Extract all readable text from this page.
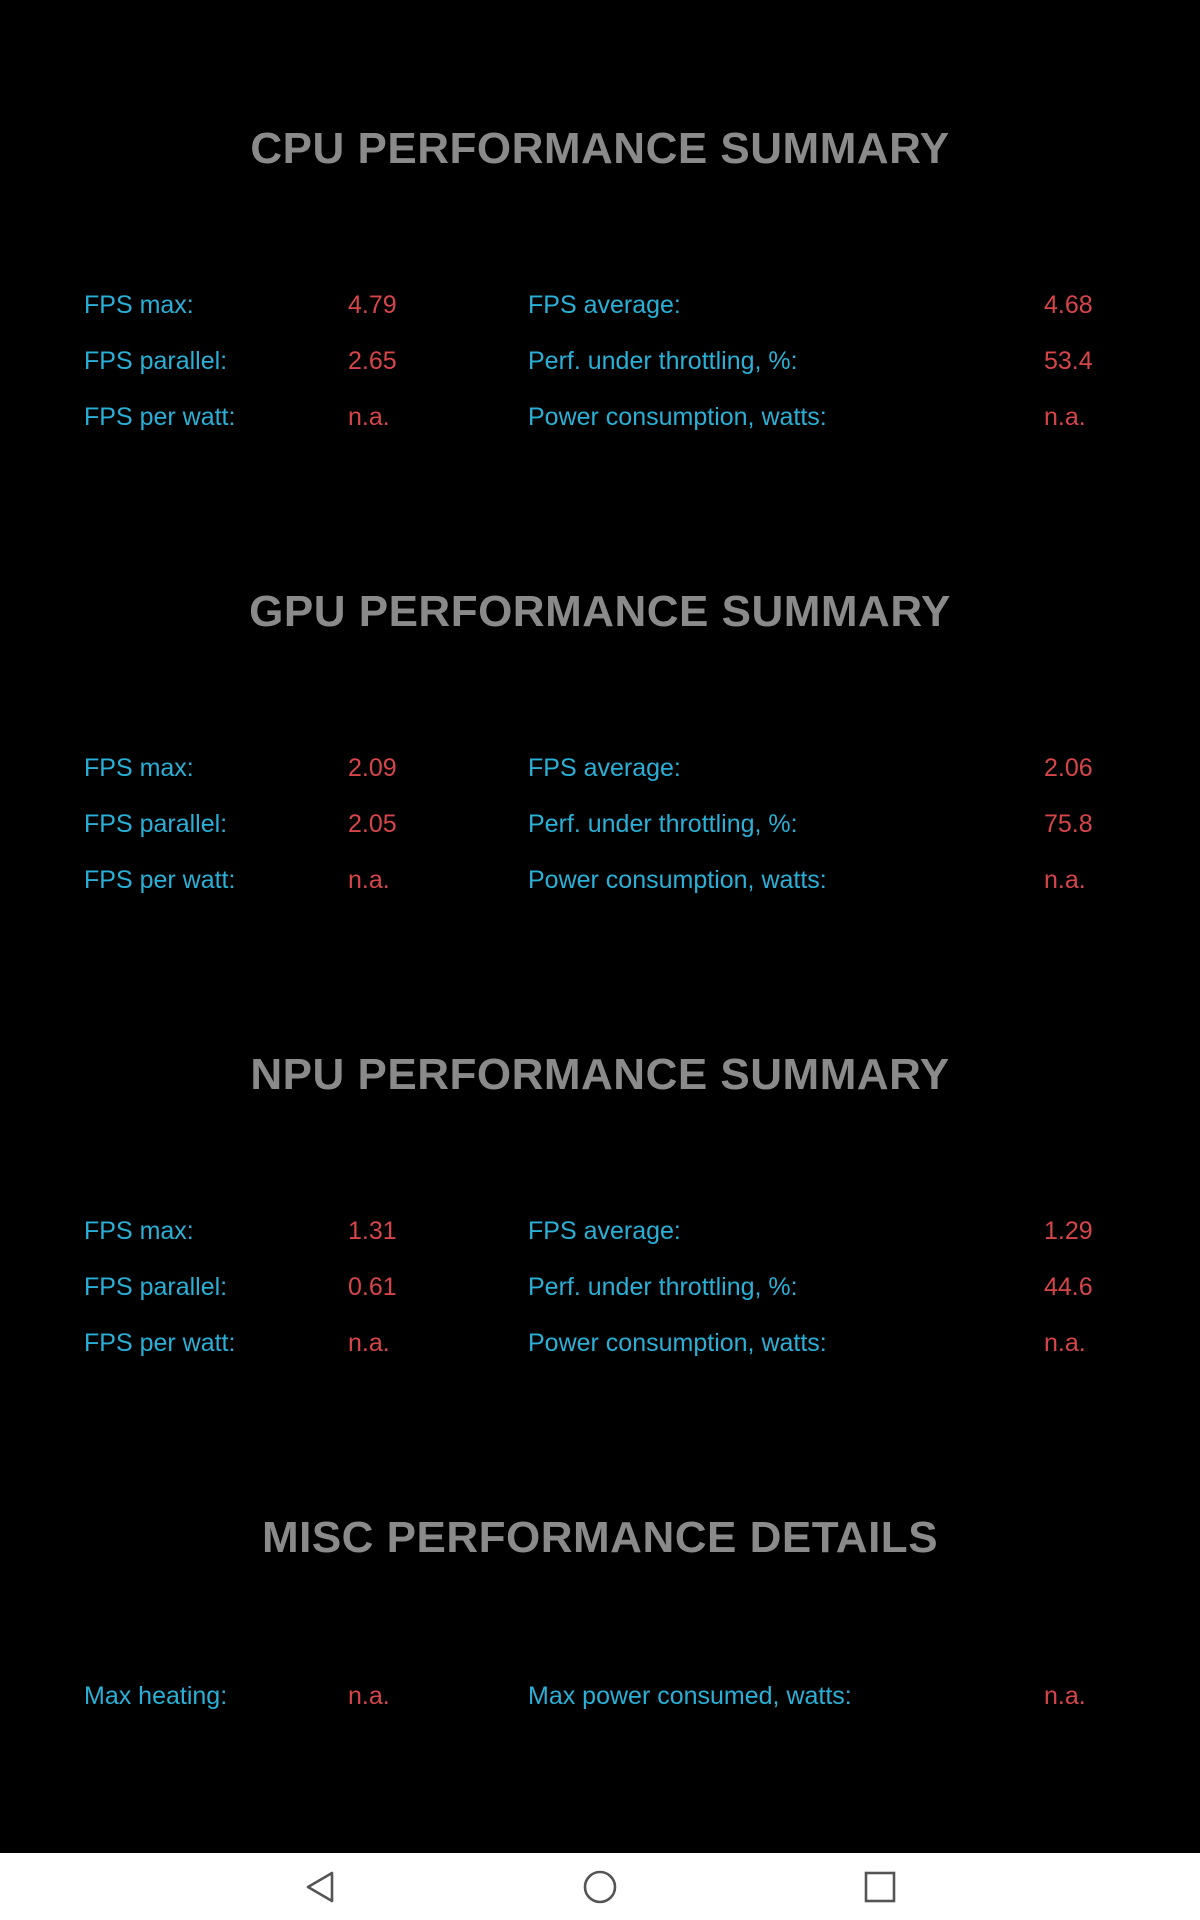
CPU PERFORMANCE SUMMARY
FPS max:	4.79	FPS average:	4.68
FPS parallel:	2.65	Perf. under throttling, %:	53.4
FPS per watt:	n.a.	Power consumption, watts:	n.a.
GPU PERFORMANCE SUMMARY
FPS max:	2.09	FPS average:	2.06
FPS parallel:	2.05	Perf. under throttling, %:	75.8
FPS per watt:	n.a.	Power consumption, watts:	n.a.
NPU PERFORMANCE SUMMARY
FPS max:	1.31	FPS average:	1.29
FPS parallel:	0.61	Perf. under throttling, %:	44.6
FPS per watt:	n.a.	Power consumption, watts:	n.a.
MISC PERFORMANCE DETAILS
Max heating:	n.a.	Max power consumed, watts:	n.a.
